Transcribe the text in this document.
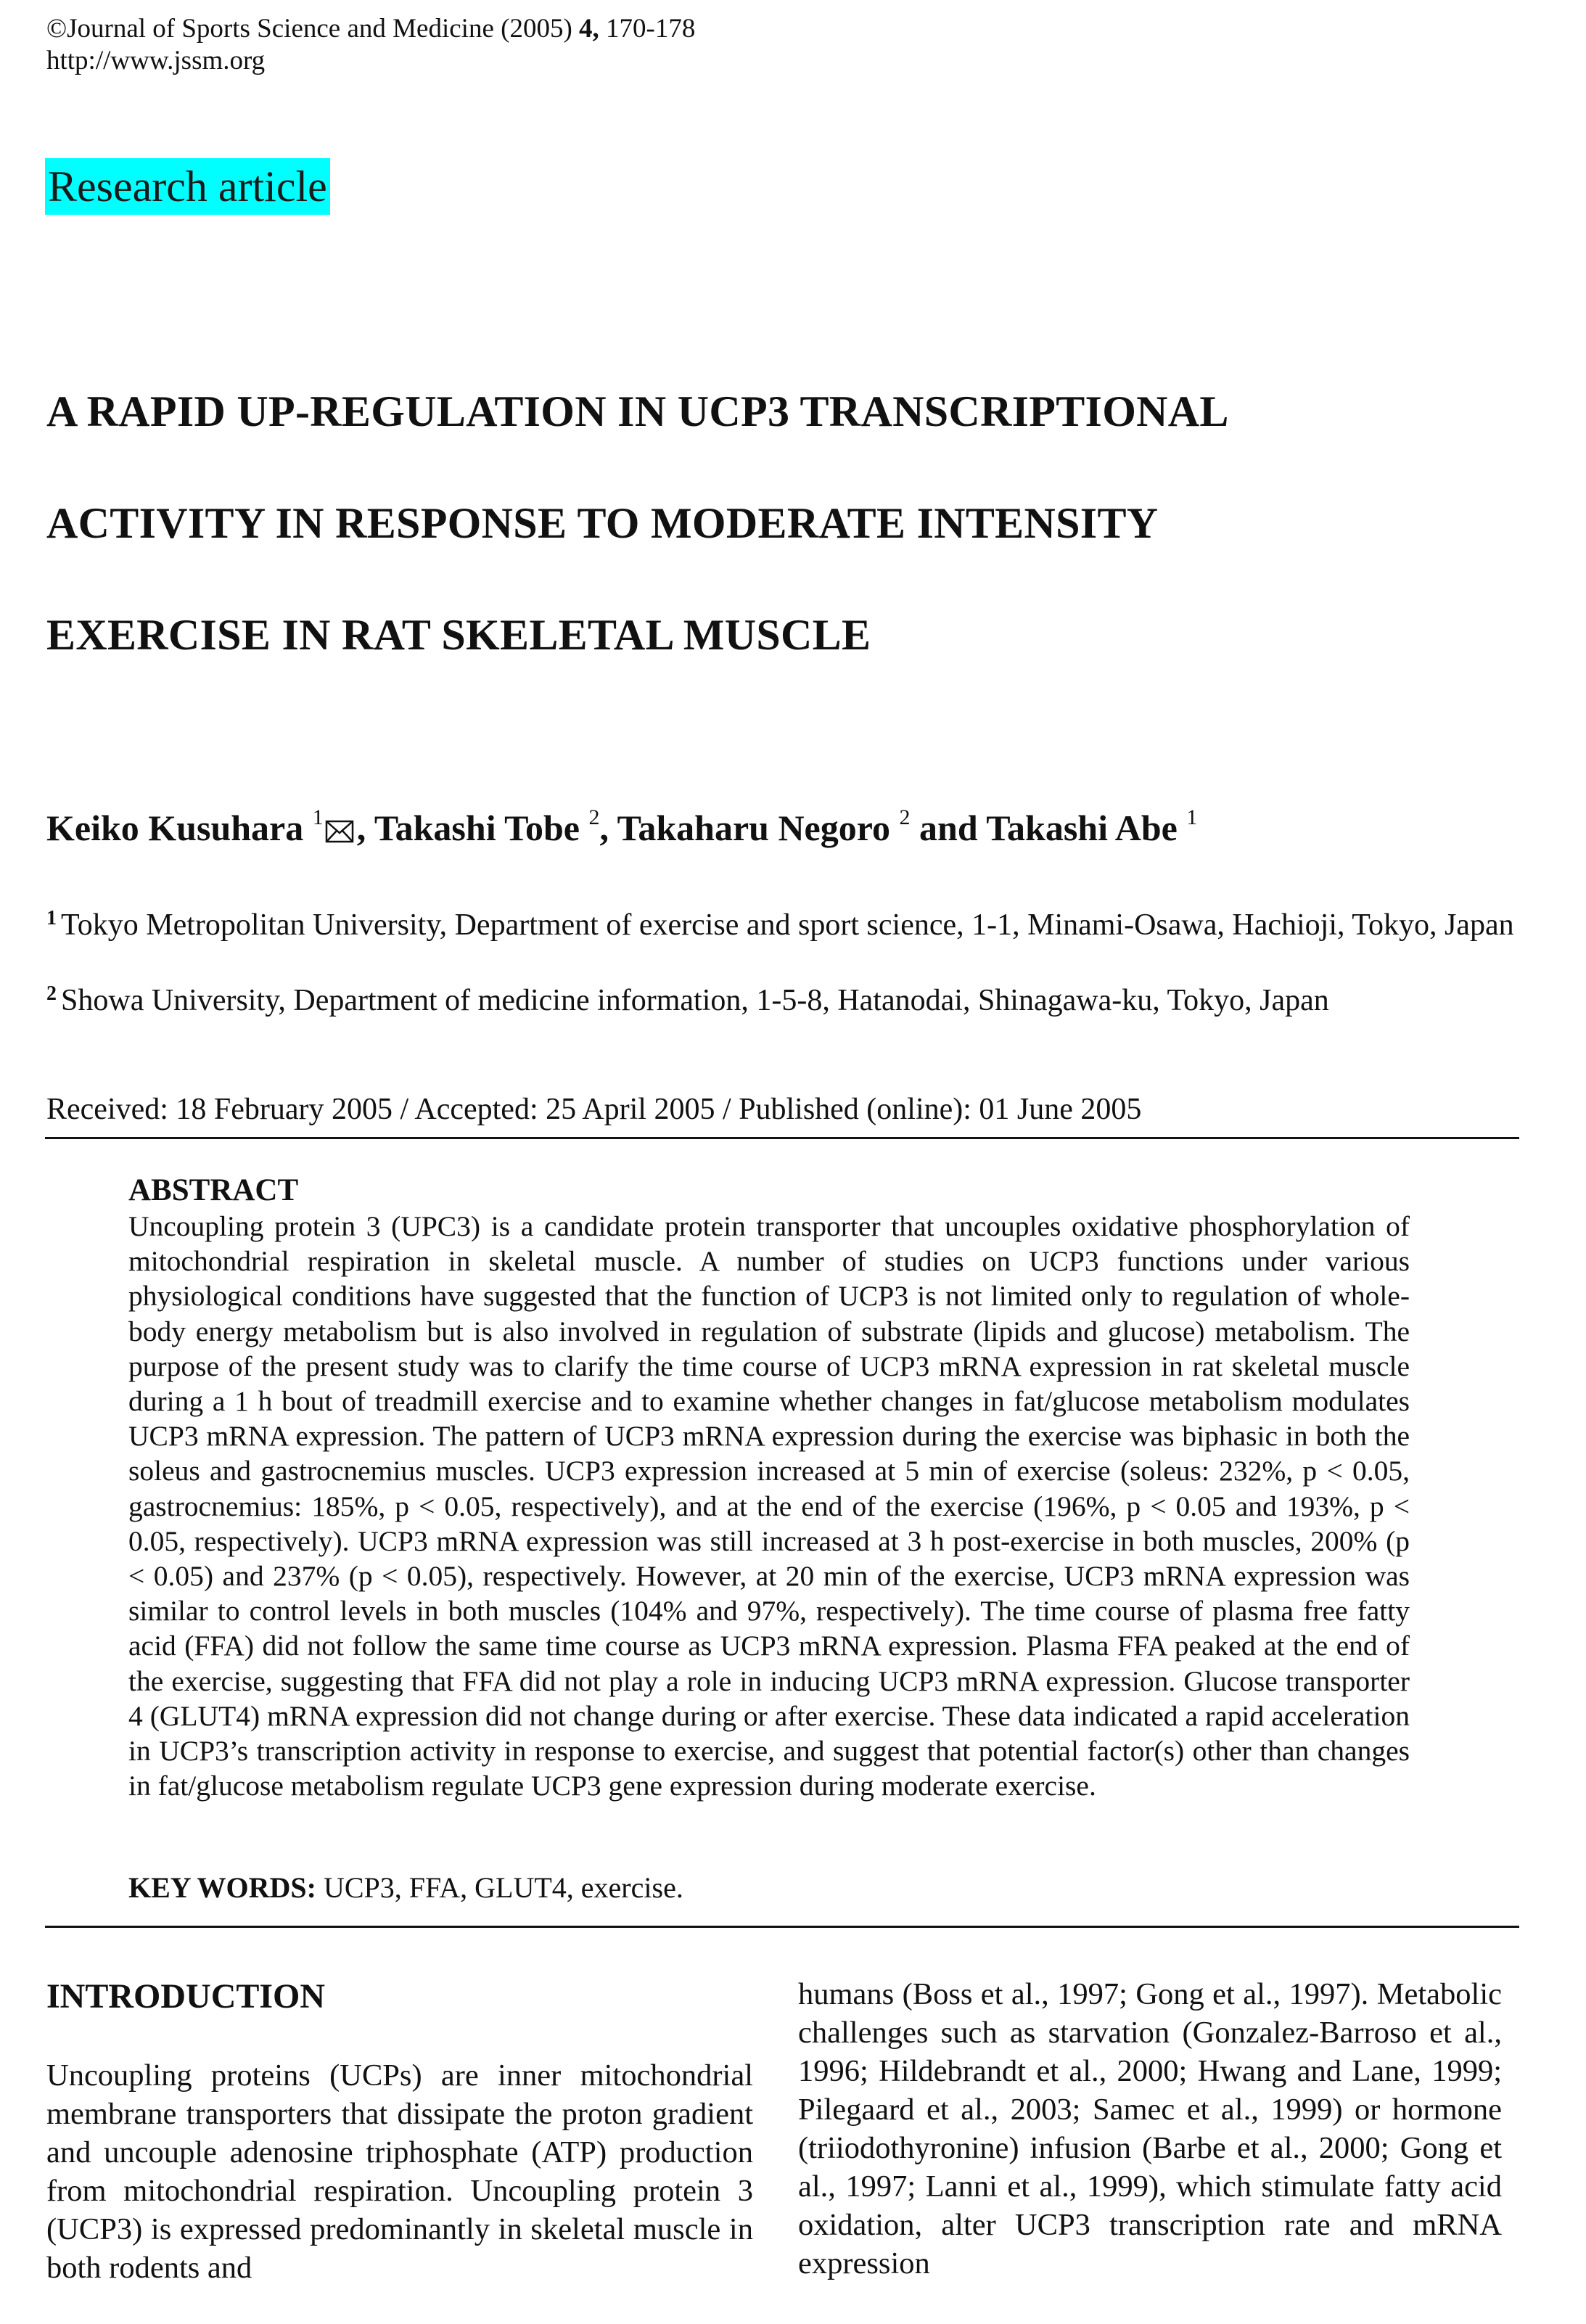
©Journal of Sports Science and Medicine (2005) 4, 170-178
http://www.jssm.org
Research article
A RAPID UP-REGULATION IN UCP3 TRANSCRIPTIONAL
ACTIVITY IN RESPONSE TO MODERATE INTENSITY
EXERCISE IN RAT SKELETAL MUSCLE
Keiko Kusuhara $^1$ , Takashi Tobe $^2$, Takaharu Negoro $^2$ and Takashi Abe $^1$
$^1$ Tokyo Metropolitan University, Department of exercise and sport science, 1-1, Minami-Osawa, Hachioji, Tokyo, Japan
$^2$ Showa University, Department of medicine information, 1-5-8, Hatanodai, Shinagawa-ku, Tokyo, Japan
Received: 18 February 2005 / Accepted: 25 April 2005 / Published (online): 01 June 2005
ABSTRACT
Uncoupling protein 3 (UPC3) is a candidate protein transporter that uncouples oxidative phosphorylation of mitochondrial respiration in skeletal muscle. A number of studies on UCP3 functions under various physiological conditions have suggested that the function of UCP3 is not limited only to regulation of whole-body energy metabolism but is also involved in regulation of substrate (lipids and glucose) metabolism. The purpose of the present study was to clarify the time course of UCP3 mRNA expression in rat skeletal muscle during a 1 h bout of treadmill exercise and to examine whether changes in fat/glucose metabolism modulates UCP3 mRNA expression. The pattern of UCP3 mRNA expression during the exercise was biphasic in both the soleus and gastrocnemius muscles. UCP3 expression increased at 5 min of exercise (soleus: 232%, p < 0.05, gastrocnemius: 185%, p < 0.05, respectively), and at the end of the exercise (196%, p < 0.05 and 193%, p < 0.05, respectively). UCP3 mRNA expression was still increased at 3 h post-exercise in both muscles, 200% (p < 0.05) and 237% (p < 0.05), respectively. However, at 20 min of the exercise, UCP3 mRNA expression was similar to control levels in both muscles (104% and 97%, respectively). The time course of plasma free fatty acid (FFA) did not follow the same time course as UCP3 mRNA expression. Plasma FFA peaked at the end of the exercise, suggesting that FFA did not play a role in inducing UCP3 mRNA expression. Glucose transporter 4 (GLUT4) mRNA expression did not change during or after exercise. These data indicated a rapid acceleration in UCP3’s transcription activity in response to exercise, and suggest that potential factor(s) other than changes in fat/glucose metabolism regulate UCP3 gene expression during moderate exercise.
KEY WORDS: UCP3, FFA, GLUT4, exercise.
INTRODUCTION
Uncoupling proteins (UCPs) are inner mitochondrial membrane transporters that dissipate the proton gradient and uncouple adenosine triphosphate (ATP) production from mitochondrial respiration. Uncoupling protein 3 (UCP3) is expressed predominantly in skeletal muscle in both rodents and
humans (Boss et al., 1997; Gong et al., 1997). Metabolic challenges such as starvation (Gonzalez-Barroso et al., 1996; Hildebrandt et al., 2000; Hwang and Lane, 1999; Pilegaard et al., 2003; Samec et al., 1999) or hormone (triiodothyronine) infusion (Barbe et al., 2000; Gong et al., 1997; Lanni et al., 1999), which stimulate fatty acid oxidation, alter UCP3 transcription rate and mRNA expression
